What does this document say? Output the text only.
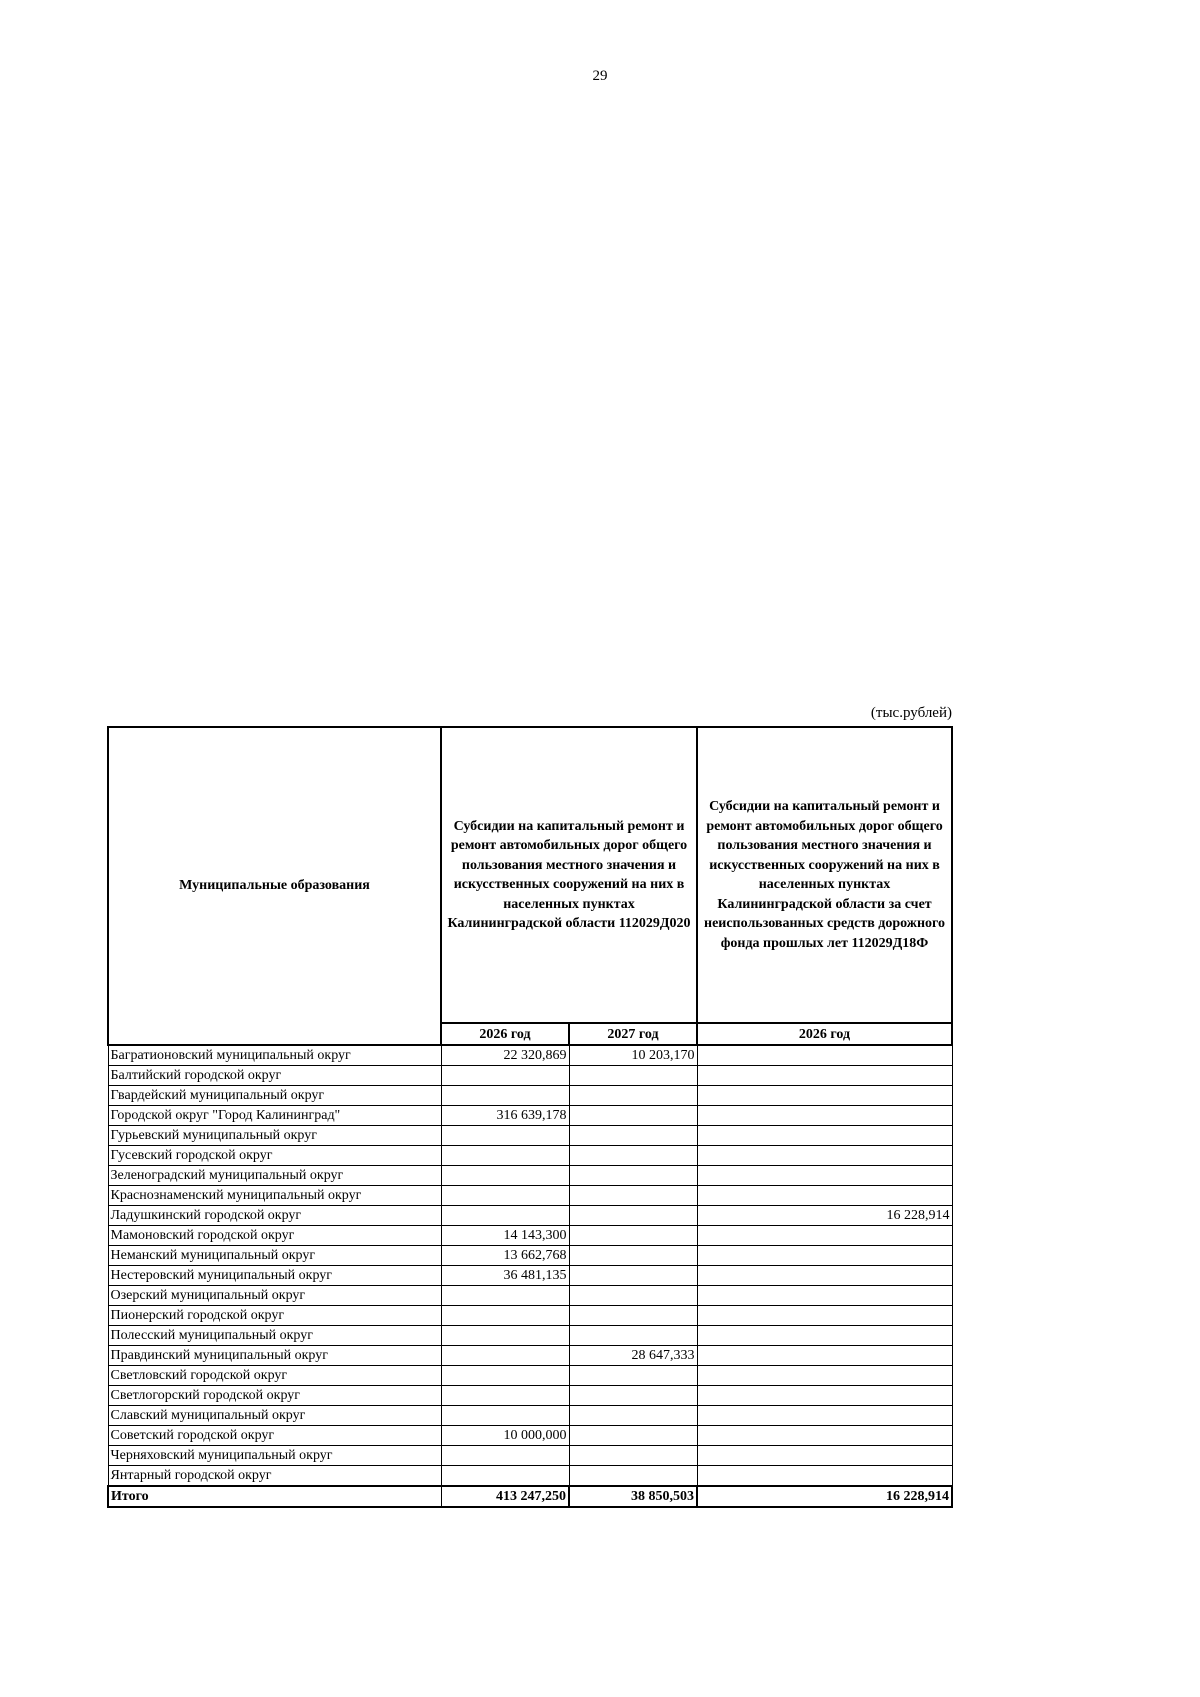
29
(тыс.рублей)
Муниципальные образования	Субсидии на капитальный ремонт и ремонт автомобильных дорог общего пользования местного значения и искусственных сооружений на них в населенных пунктах Калининградской области 112029Д020		Субсидии на капитальный ремонт и ремонт автомобильных дорог общего пользования местного значения и искусственных сооружений на них в населенных пунктах Калининградской области за счет неиспользованных средств дорожного фонда прошлых лет 112029Д18Ф
	2026 год	2027 год	2026 год
Багратионовский муниципальный округ	22 320,869	10 203,170	
Балтийский городской округ			
Гвардейский муниципальный округ			
Городской округ "Город Калининград"	316 639,178		
Гурьевский муниципальный округ			
Гусевский городской округ			
Зеленоградский муниципальный округ			
Краснознаменский муниципальный округ			
Ладушкинский городской округ			16 228,914
Мамоновский городской округ	14 143,300		
Неманский муниципальный округ	13 662,768		
Нестеровский муниципальный округ	36 481,135		
Озерский муниципальный округ			
Пионерский городской округ			
Полесский муниципальный округ			
Правдинский муниципальный округ		28 647,333	
Светловский городской округ			
Светлогорский городской округ			
Славский муниципальный округ			
Советский городской округ	10 000,000		
Черняховский муниципальный округ			
Янтарный городской округ			
Итого	413 247,250	38 850,503	16 228,914
